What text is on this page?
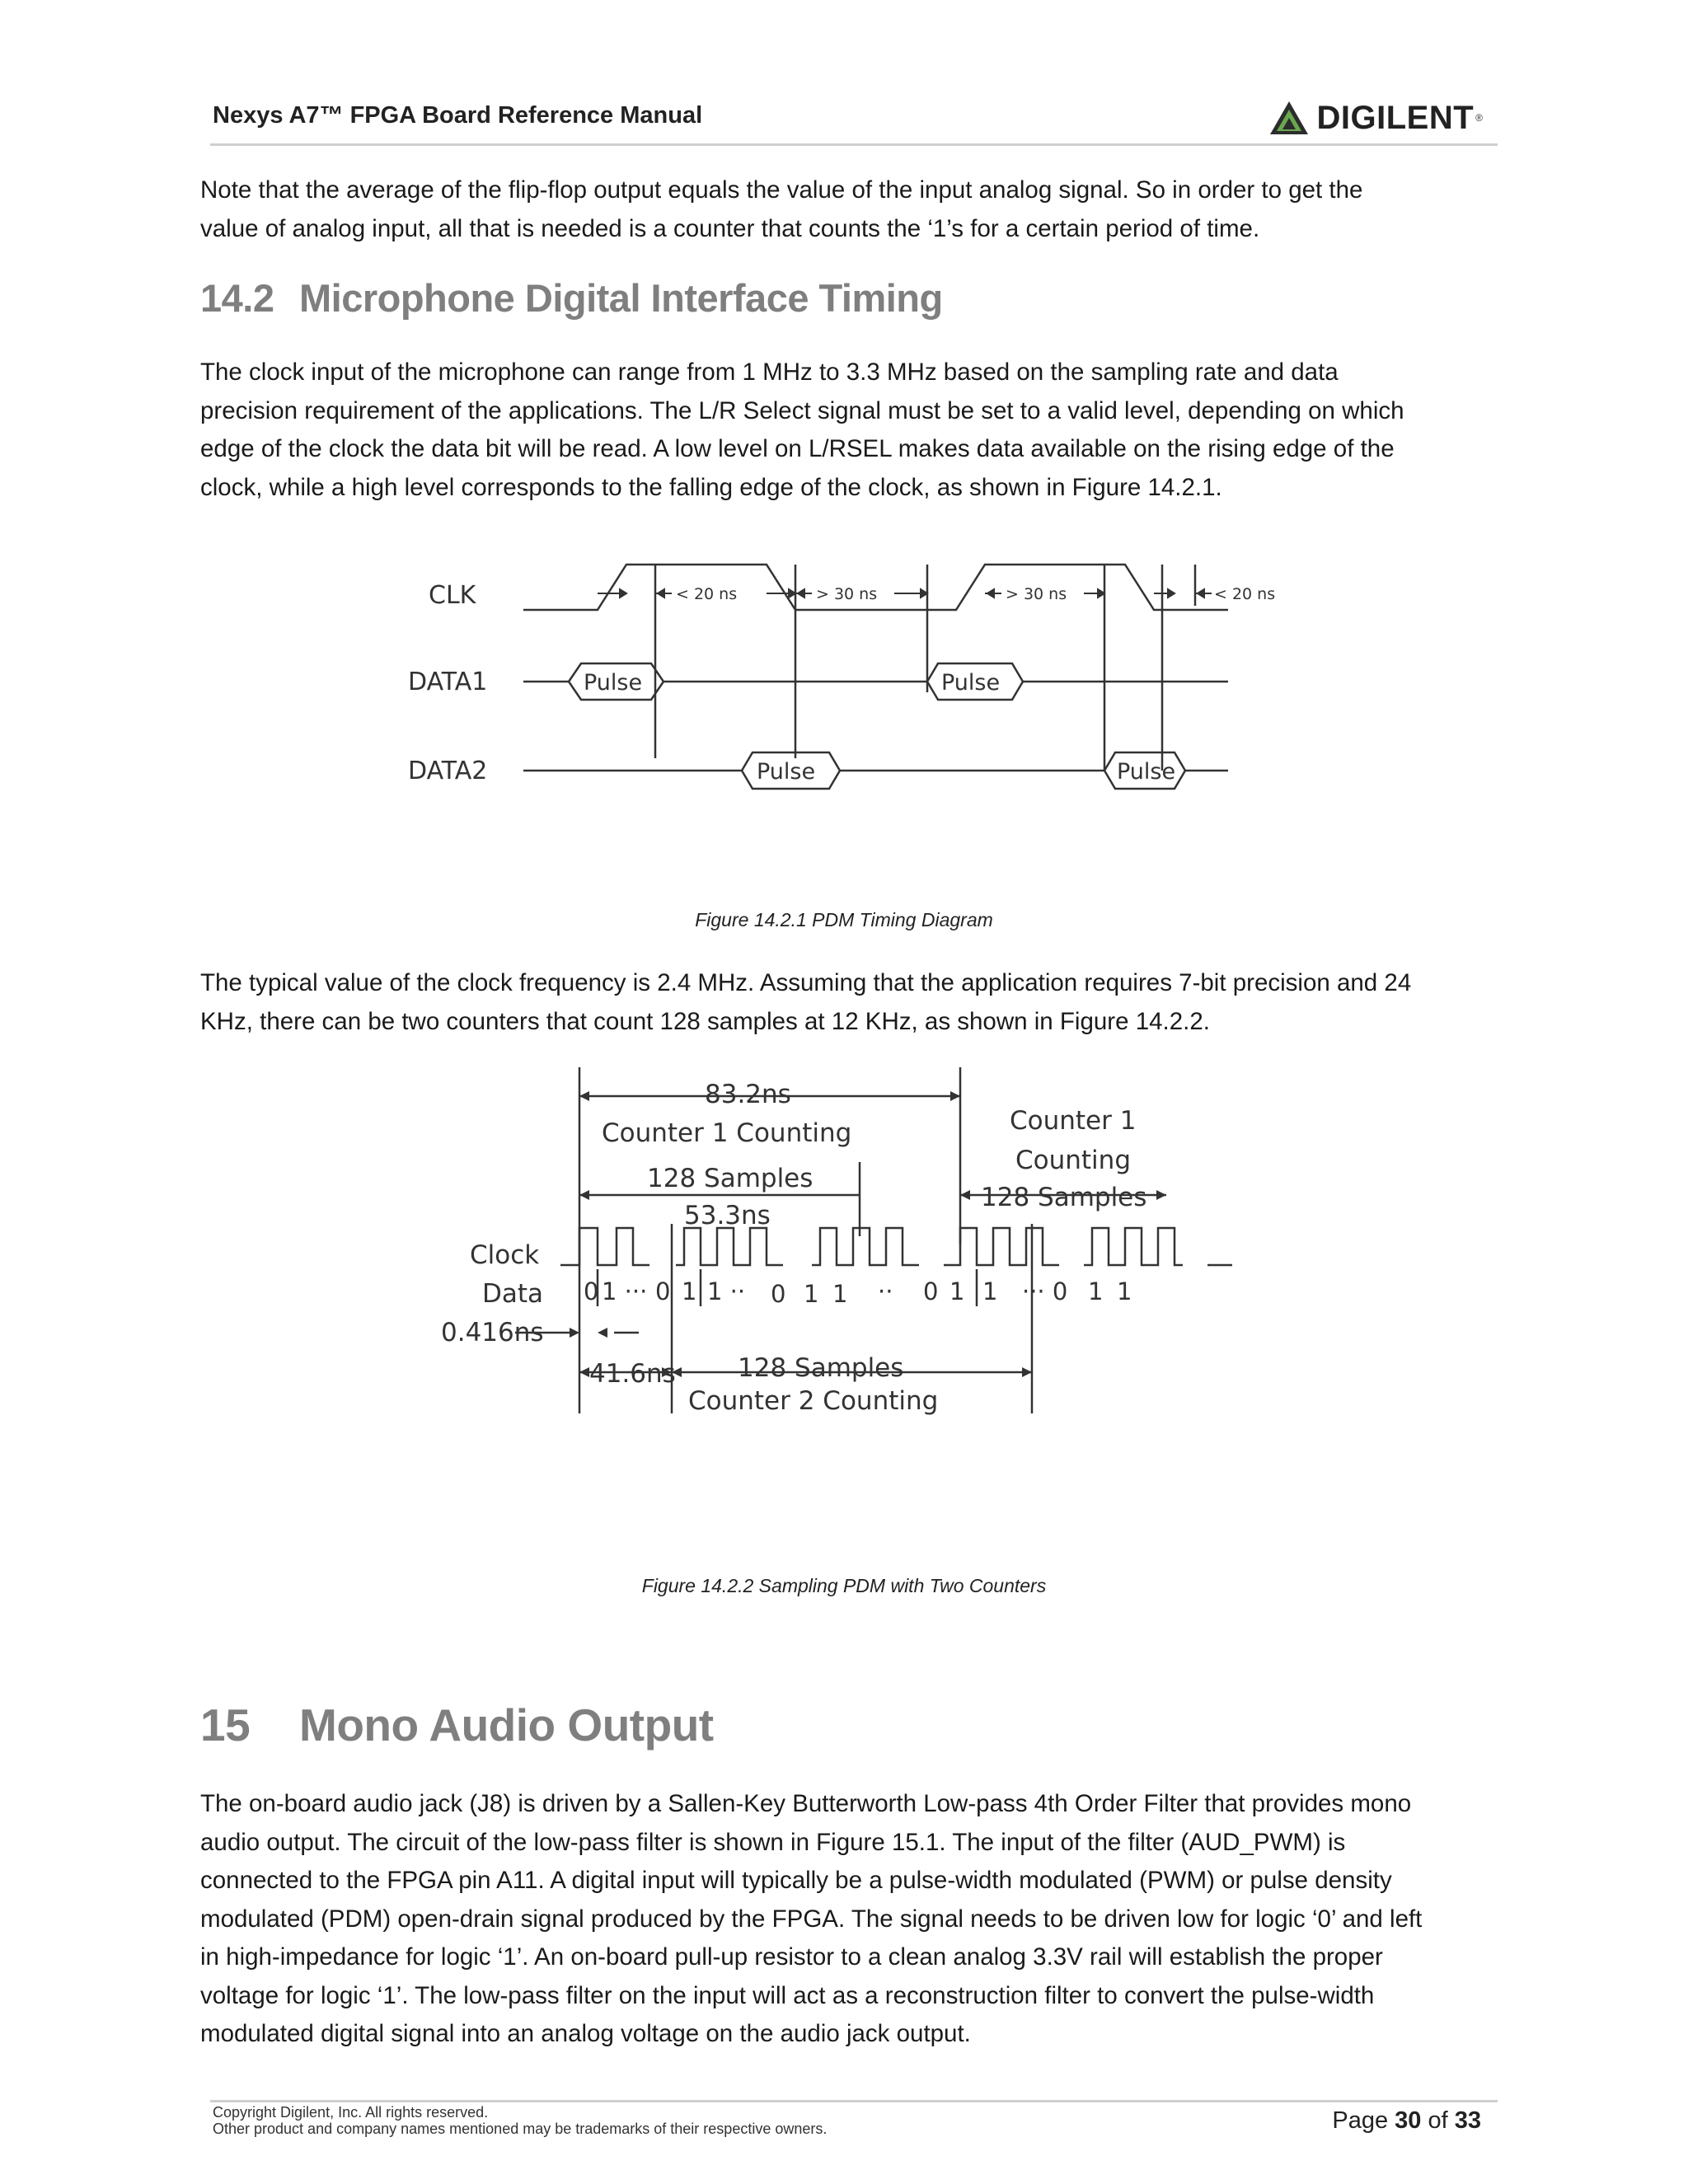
Nexys A7™ FPGA Board Reference Manual	DIGILENT ®
Note that the average of the flip-flop output equals the value of the input analog signal. So in order to get the
value of analog input, all that is needed is a counter that counts the ‘1’s for a certain period of time.
14.2 Microphone Digital Interface Timing
The clock input of the microphone can range from 1 MHz to 3.3 MHz based on the sampling rate and data
precision requirement of the applications. The L/R Select signal must be set to a valid level, depending on which
edge of the clock the data bit will be read. A low level on L/RSEL makes data available on the rising edge of the
clock, while a high level corresponds to the falling edge of the clock, as shown in Figure 14.2.1.
CLK
DATA1
DATA2
Pulse	Pulse
Pulse	Pulse
< 20 ns	> 30 ns	> 30 ns	< 20 ns
Figure 14.2.1 PDM Timing Diagram
The typical value of the clock frequency is 2.4 MHz. Assuming that the application requires 7-bit precision and 24
KHz, there can be two counters that count 128 samples at 12 KHz, as shown in Figure 14.2.2.
83.2ns
Counter 1 Counting
128 Samples
53.3ns
Counter 1
Counting
128 Samples
Clock
Data
0.416ns
41.6ns 128 Samples
Counter 2 Counting
0 1 ··· 0 1 1 ·· 0 1 1 ·· 0 1 1 ··· 0 1 1
Figure 14.2.2 Sampling PDM with Two Counters
15 Mono Audio Output
The on-board audio jack (J8) is driven by a Sallen-Key Butterworth Low-pass 4th Order Filter that provides mono
audio output. The circuit of the low-pass filter is shown in Figure 15.1. The input of the filter (AUD_PWM) is
connected to the FPGA pin A11. A digital input will typically be a pulse-width modulated (PWM) or pulse density
modulated (PDM) open-drain signal produced by the FPGA. The signal needs to be driven low for logic ‘0’ and left
in high-impedance for logic ‘1’. An on-board pull-up resistor to a clean analog 3.3V rail will establish the proper
voltage for logic ‘1’. The low-pass filter on the input will act as a reconstruction filter to convert the pulse-width
modulated digital signal into an analog voltage on the audio jack output.
Copyright Digilent, Inc. All rights reserved.
Other product and company names mentioned may be trademarks of their respective owners.	Page 30 of 33
